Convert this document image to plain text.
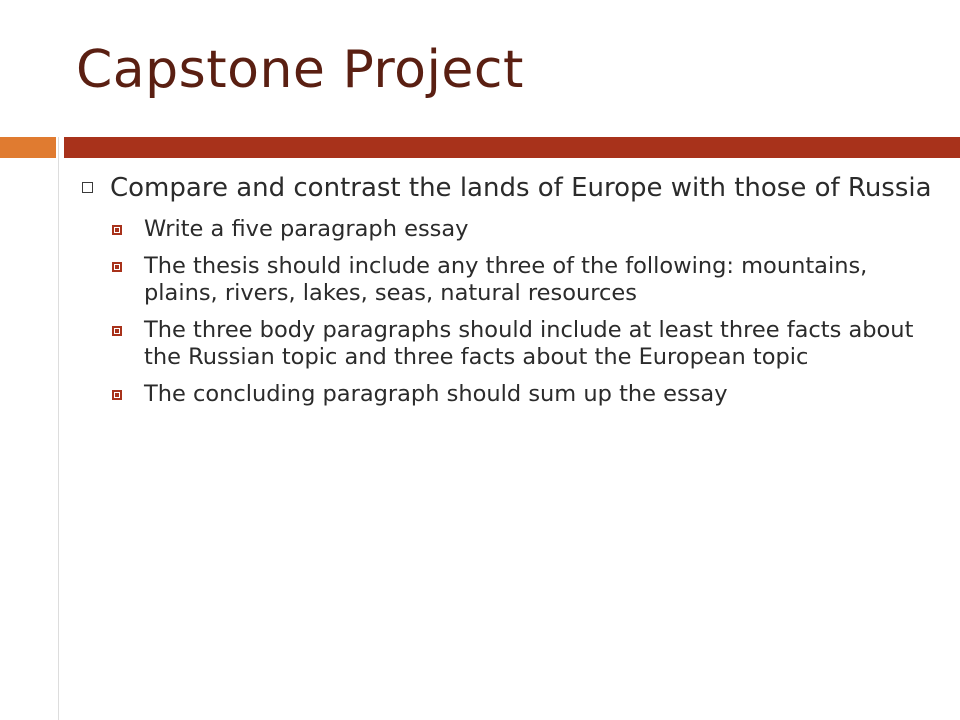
Capstone Project
Compare and contrast the lands of Europe with those of Russia
Write a five paragraph essay
The thesis should include any three of the following: mountains, plains, rivers, lakes, seas, natural resources
The three body paragraphs should include at least three facts about the Russian topic and three facts about the European topic
The concluding paragraph should sum up the essay
